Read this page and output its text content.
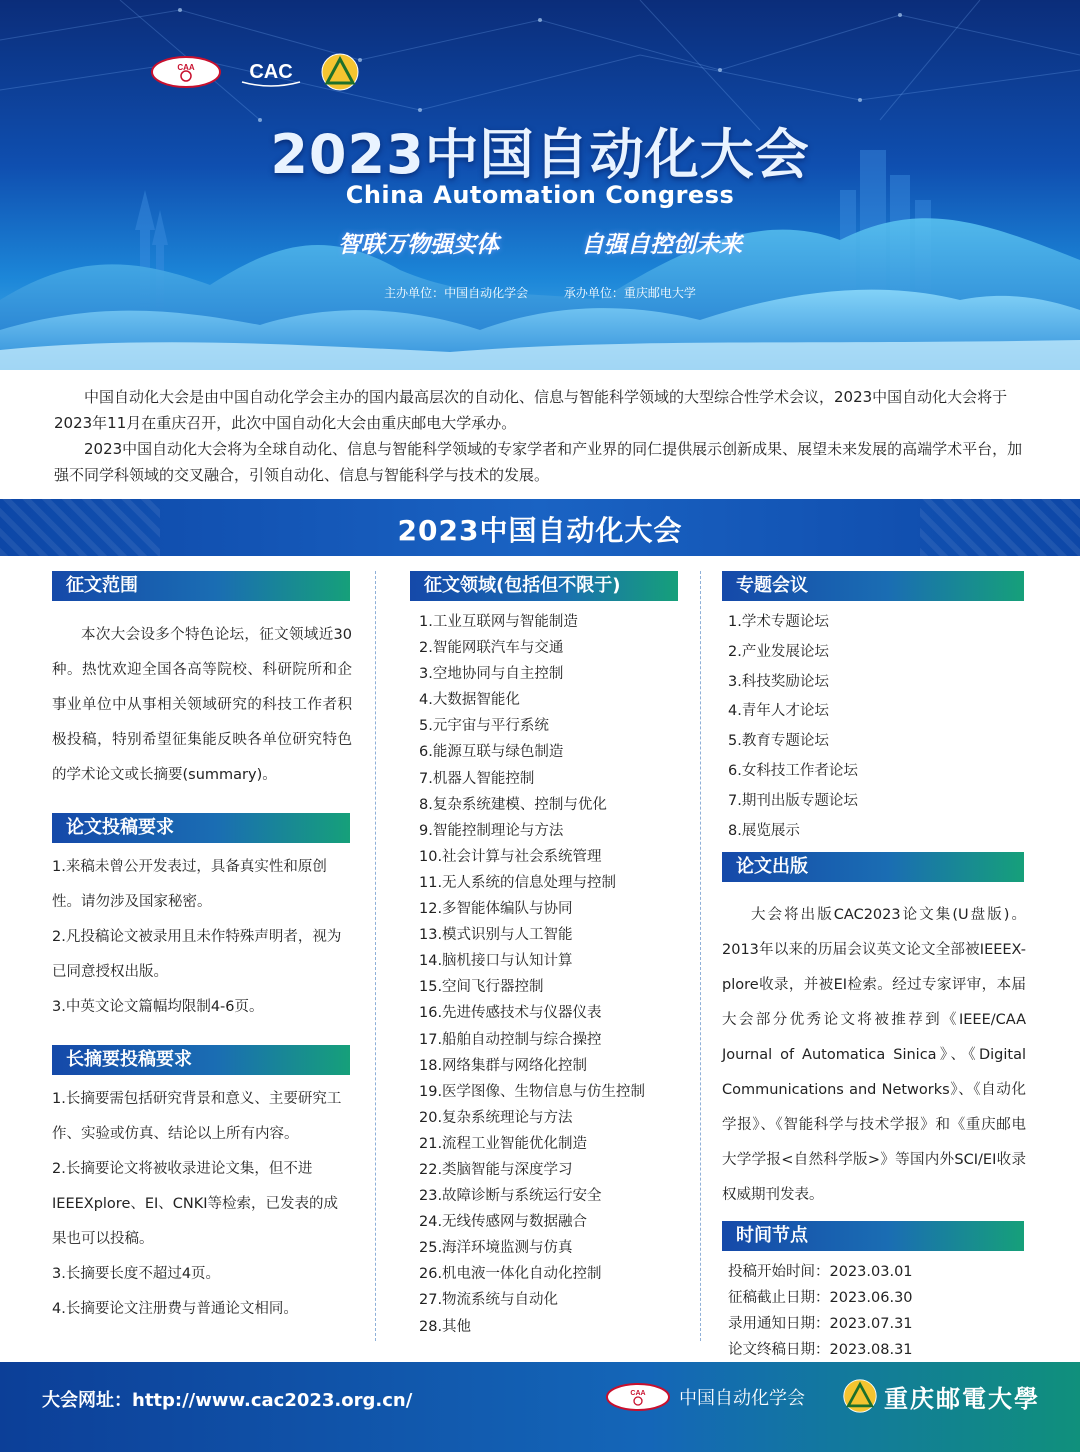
CAA	CAC
2023中国自动化大会
China Automation Congress
智联万物强实体	自强自控创未来
主办单位：中国自动化学会	承办单位：重庆邮电大学

中国自动化大会是由中国自动化学会主办的国内最高层次的自动化、信息与智能科学领域的大型综合性学术会议，2023中国自动化大会将于2023年11月在重庆召开，此次中国自动化大会由重庆邮电大学承办。

2023中国自动化大会将为全球自动化、信息与智能科学领域的专家学者和产业界的同仁提供展示创新成果、展望未来发展的高端学术平台，加强不同学科领域的交叉融合，引领自动化、信息与智能科学与技术的发展。

2023中国自动化大会
征文范围
本次大会设多个特色论坛，征文领域近30种。热忱欢迎全国各高等院校、科研院所和企事业单位中从事相关领域研究的科技工作者积极投稿，特别希望征集能反映各单位研究特色的学术论文或长摘要(summary)。
论文投稿要求
1.来稿未曾公开发表过，具备真实性和原创性。请勿涉及国家秘密。
2.凡投稿论文被录用且未作特殊声明者，视为已同意授权出版。
3.中英文论文篇幅均限制4-6页。
长摘要投稿要求
1.长摘要需包括研究背景和意义、主要研究工作、实验或仿真、结论以上所有内容。
2.长摘要论文将被收录进论文集，但不进IEEEXplore、EI、CNKI等检索，已发表的成果也可以投稿。
3.长摘要长度不超过4页。
4.长摘要论文注册费与普通论文相同。
征文领域(包括但不限于)
1.工业互联网与智能制造
2.智能网联汽车与交通
3.空地协同与自主控制
4.大数据智能化
5.元宇宙与平行系统
6.能源互联与绿色制造
7.机器人智能控制
8.复杂系统建模、控制与优化
9.智能控制理论与方法
10.社会计算与社会系统管理
11.无人系统的信息处理与控制
12.多智能体编队与协同
13.模式识别与人工智能
14.脑机接口与认知计算
15.空间飞行器控制
16.先进传感技术与仪器仪表
17.船舶自动控制与综合操控
18.网络集群与网络化控制
19.医学图像、生物信息与仿生控制
20.复杂系统理论与方法
21.流程工业智能优化制造
22.类脑智能与深度学习
23.故障诊断与系统运行安全
24.无线传感网与数据融合
25.海洋环境监测与仿真
26.机电液一体化自动化控制
27.物流系统与自动化
28.其他
专题会议
1.学术专题论坛
2.产业发展论坛
3.科技奖励论坛
4.青年人才论坛
5.教育专题论坛
6.女科技工作者论坛
7.期刊出版专题论坛
8.展览展示
论文出版
大会将出版CAC2023论文集(U盘版)。2013年以来的历届会议英文论文全部被IEEEX-plore收录，并被EI检索。经过专家评审，本届大会部分优秀论文将被推荐到《IEEE/CAA Journal of Automatica Sinica》、《Digital Communications and Networks》、《自动化学报》、《智能科学与技术学报》和《重庆邮电大学学报<自然科学版>》等国内外SCI/EI收录权威期刊发表。
时间节点
投稿开始时间：2023.03.01
征稿截止日期：2023.06.30
录用通知日期：2023.07.31
论文终稿日期：2023.08.31
大会网址：http://www.cac2023.org.cn/	CAA 中国自动化学会	重庆邮電大學
